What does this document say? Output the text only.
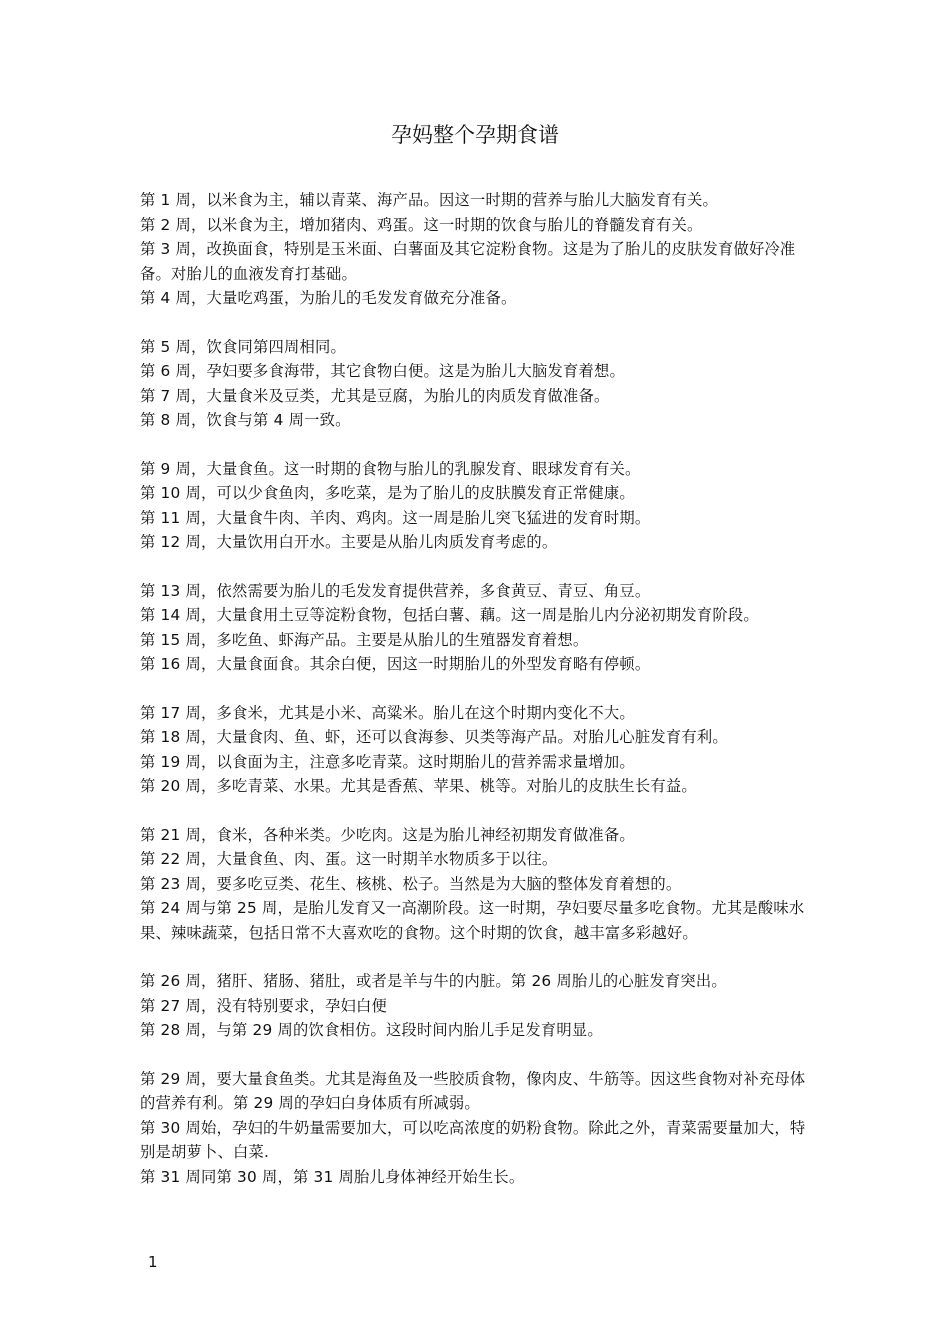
孕妈整个孕期食谱

第 1 周，以米食为主，辅以青菜、海产品。因这一时期的营养与胎儿大脑发育有关。

第 2 周，以米食为主，增加猪肉、鸡蛋。这一时期的饮食与胎儿的脊髓发育有关。

第 3 周，改换面食，特别是玉米面、白薯面及其它淀粉食物。这是为了胎儿的皮肤发育做好冷准备。对胎儿的血液发育打基础。

第 4 周，大量吃鸡蛋，为胎儿的毛发发育做充分准备。

第 5 周，饮食同第四周相同。

第 6 周，孕妇要多食海带，其它食物白便。这是为胎儿大脑发育着想。

第 7 周，大量食米及豆类，尤其是豆腐，为胎儿的肉质发育做准备。

第 8 周，饮食与第 4 周一致。

第 9 周，大量食鱼。这一时期的食物与胎儿的乳腺发育、眼球发育有关。

第 10 周，可以少食鱼肉，多吃菜，是为了胎儿的皮肤膜发育正常健康。

第 11 周，大量食牛肉、羊肉、鸡肉。这一周是胎儿突飞猛进的发育时期。

第 12 周，大量饮用白开水。主要是从胎儿肉质发育考虑的。

第 13 周，依然需要为胎儿的毛发发育提供营养，多食黄豆、青豆、角豆。

第 14 周，大量食用土豆等淀粉食物，包括白薯、藕。这一周是胎儿内分泌初期发育阶段。

第 15 周，多吃鱼、虾海产品。主要是从胎儿的生殖器发育着想。

第 16 周，大量食面食。其余白便，因这一时期胎儿的外型发育略有停顿。

第 17 周，多食米，尤其是小米、高粱米。胎儿在这个时期内变化不大。

第 18 周，大量食肉、鱼、虾，还可以食海参、贝类等海产品。对胎儿心脏发育有利。

第 19 周，以食面为主，注意多吃青菜。这时期胎儿的营养需求量增加。

第 20 周，多吃青菜、水果。尤其是香蕉、苹果、桃等。对胎儿的皮肤生长有益。

第 21 周，食米，各种米类。少吃肉。这是为胎儿神经初期发育做准备。

第 22 周，大量食鱼、肉、蛋。这一时期羊水物质多于以往。

第 23 周，要多吃豆类、花生、核桃、松子。当然是为大脑的整体发育着想的。

第 24 周与第 25 周，是胎儿发育又一高潮阶段。这一时期，孕妇要尽量多吃食物。尤其是酸味水果、辣味蔬菜，包括日常不大喜欢吃的食物。这个时期的饮食，越丰富多彩越好。

第 26 周，猪肝、猪肠、猪肚，或者是羊与牛的内脏。第 26 周胎儿的心脏发育突出。

第 27 周，没有特别要求，孕妇白便

第 28 周，与第 29 周的饮食相仿。这段时间内胎儿手足发育明显。

第 29 周，要大量食鱼类。尤其是海鱼及一些胶质食物，像肉皮、牛筋等。因这些食物对补充母体的营养有利。第 29 周的孕妇白身体质有所减弱。

第 30 周始，孕妇的牛奶量需要加大，可以吃高浓度的奶粉食物。除此之外，青菜需要量加大，特别是胡萝卜、白菜.

第 31 周同第 30 周，第 31 周胎儿身体神经开始生长。

1
